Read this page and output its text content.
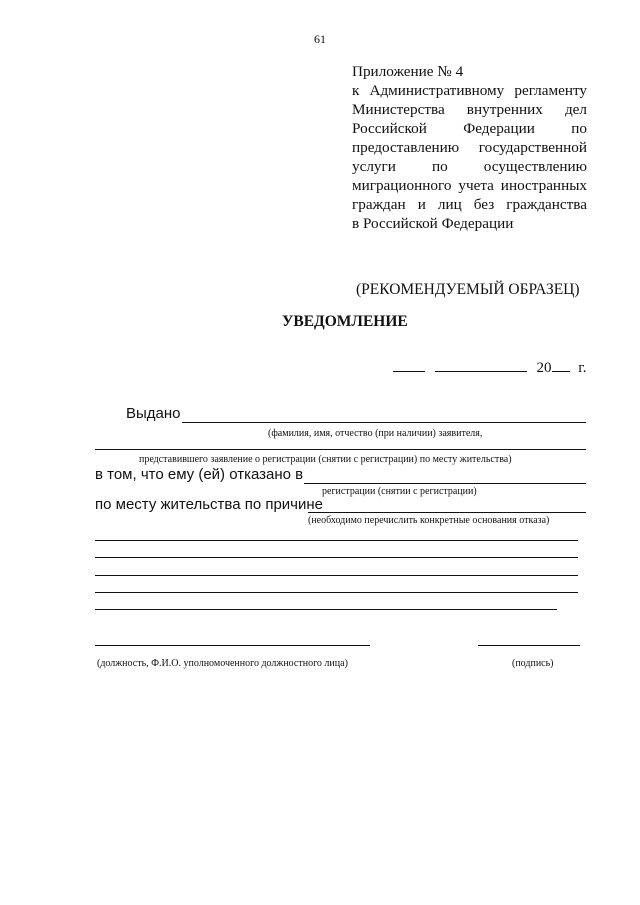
61
Приложение № 4
к Административному регламенту
Министерства внутренних дел
Российской Федерации по
предоставлению государственной
услуги по осуществлению
миграционного учета иностранных
граждан и лиц без гражданства
в Российской Федерации
(РЕКОМЕНДУЕМЫЙ ОБРАЗЕЦ)
УВЕДОМЛЕНИЕ
20 г.
Выдано
(фамилия, имя, отчество (при наличии) заявителя,
представившего заявление о регистрации (снятии с регистрации) по месту жительства)
в том, что ему (ей) отказано в
регистрации (снятии с регистрации)
по месту жительства по причине
(необходимо перечислить конкретные основания отказа)
(должность, Ф.И.О. уполномоченного должностного лица)	(подпись)
